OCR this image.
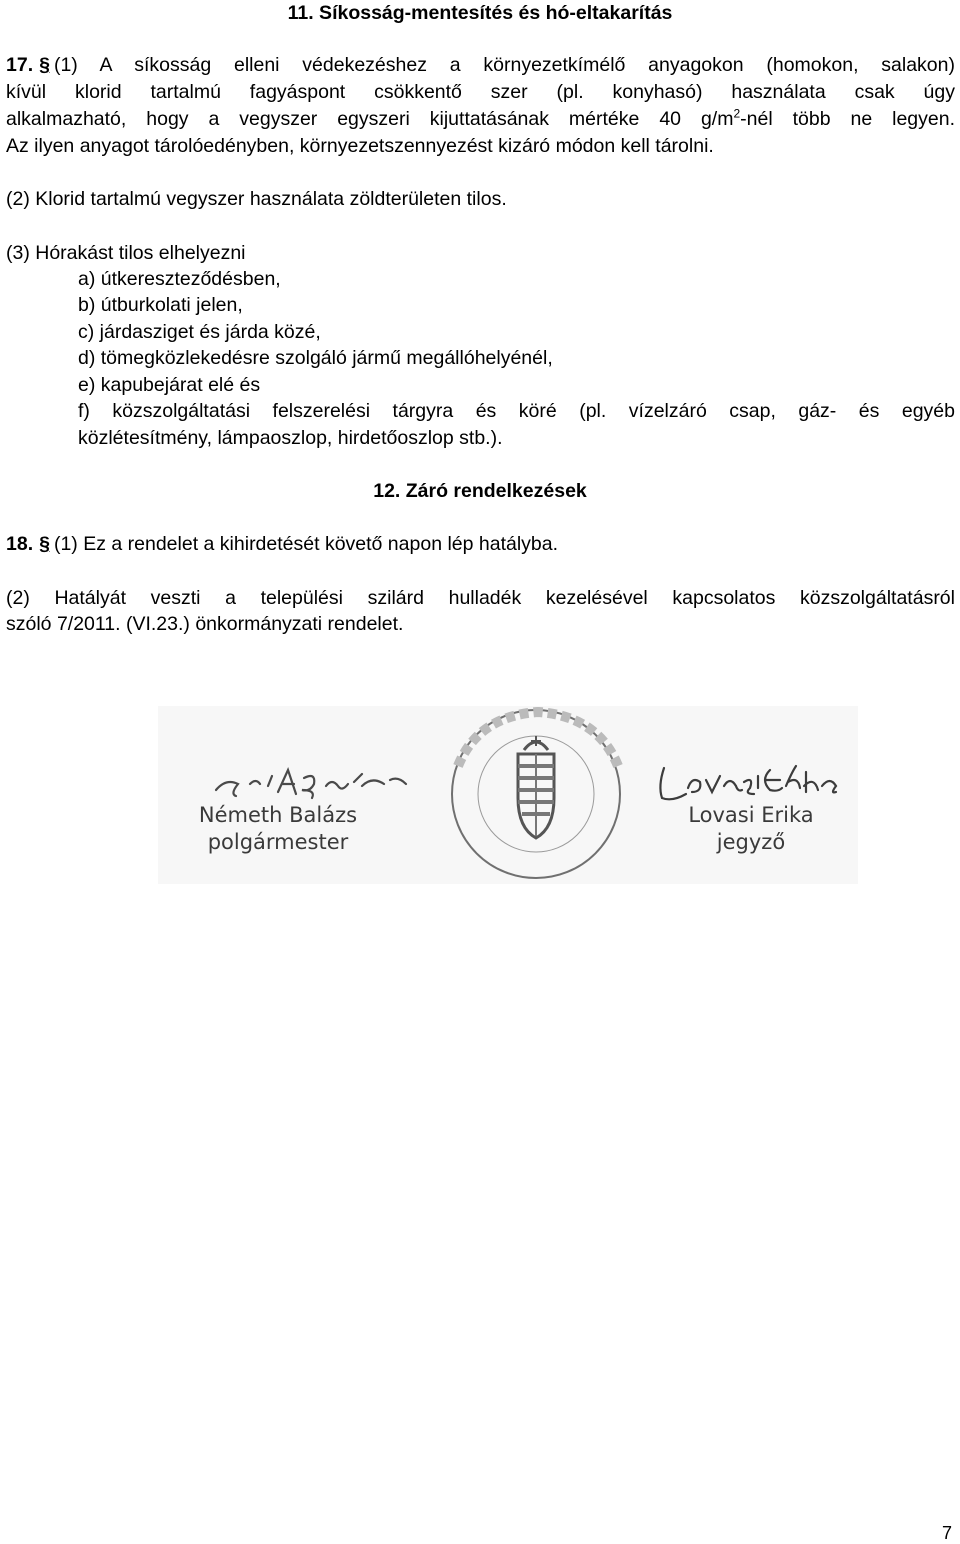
11. Síkosság-mentesítés és hó-eltakarítás
17. § (1) A síkosság elleni védekezéshez a környezetkímélő anyagokon (homokon, salakon)
kívül klorid tartalmú fagyáspont csökkentő szer (pl. konyhasó) használata csak úgy
alkalmazható, hogy a vegyszer egyszeri kijuttatásának mértéke 40 $g/m^2$-nél több ne legyen.
Az ilyen anyagot tárolóedényben, környezetszennyezést kizáró módon kell tárolni.
(2) Klorid tartalmú vegyszer használata zöldterületen tilos.
(3) Hórakást tilos elhelyezni
a) útkereszteződésben,
b) útburkolati jelen,
c) járdasziget és járda közé,
d) tömegközlekedésre szolgáló jármű megállóhelyénél,
e) kapubejárat elé és
f) közszolgáltatási felszerelési tárgyra és köré (pl. vízelzáró csap, gáz- és egyéb
közlétesítmény, lámpaoszlop, hirdetőoszlop stb.).
12. Záró rendelkezések
18. § (1) Ez a rendelet a kihirdetését követő napon lép hatályba.
(2) Hatályát veszti a települési szilárd hulladék kezelésével kapcsolatos közszolgáltatásról
szóló 7/2011. (VI.23.) önkormányzati rendelet.
Németh Balázs
polgármester
Lovasi Erika
jegyző
7
